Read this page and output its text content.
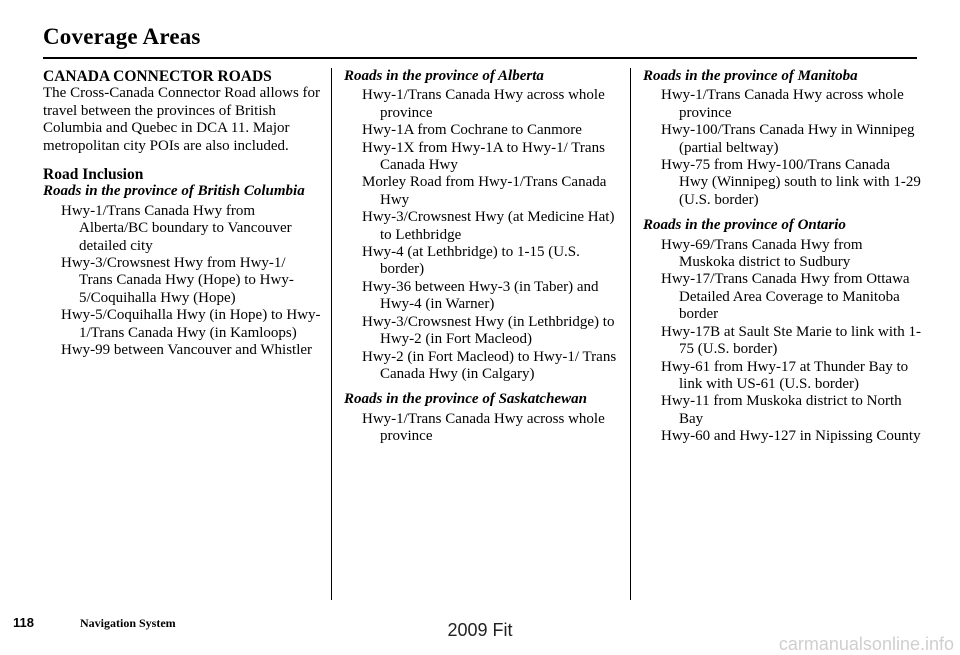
Coverage Areas

CANADA CONNECTOR ROADS

The Cross-Canada Connector Road allows for travel between the provinces of British Columbia and Quebec in DCA 11. Major metropolitan city POIs are also included.

Road Inclusion

Roads in the province of British Columbia

Hwy-1/Trans Canada Hwy from Alberta/BC boundary to Vancouver detailed city
Hwy-3/Crowsnest Hwy from Hwy-1/ Trans Canada Hwy (Hope) to Hwy-5/Coquihalla Hwy (Hope)
Hwy-5/Coquihalla Hwy (in Hope) to Hwy-1/Trans Canada Hwy (in Kamloops)
Hwy-99 between Vancouver and Whistler

Roads in the province of Alberta

Hwy-1/Trans Canada Hwy across whole province
Hwy-1A from Cochrane to Canmore
Hwy-1X from Hwy-1A to Hwy-1/ Trans Canada Hwy
Morley Road from Hwy-1/Trans Canada Hwy
Hwy-3/Crowsnest Hwy (at Medicine Hat) to Lethbridge
Hwy-4 (at Lethbridge) to 1-15 (U.S. border)
Hwy-36 between Hwy-3 (in Taber) and Hwy-4 (in Warner)
Hwy-3/Crowsnest Hwy (in Lethbridge) to Hwy-2 (in Fort Macleod)
Hwy-2 (in Fort Macleod) to Hwy-1/ Trans Canada Hwy (in Calgary)

Roads in the province of Saskatchewan

Hwy-1/Trans Canada Hwy across whole province

Roads in the province of Manitoba

Hwy-1/Trans Canada Hwy across whole province
Hwy-100/Trans Canada Hwy in Winnipeg (partial beltway)
Hwy-75 from Hwy-100/Trans Canada Hwy (Winnipeg) south to link with 1-29 (U.S. border)

Roads in the province of Ontario

Hwy-69/Trans Canada Hwy from Muskoka district to Sudbury
Hwy-17/Trans Canada Hwy from Ottawa Detailed Area Coverage to Manitoba border
Hwy-17B at Sault Ste Marie to link with 1-75 (U.S. border)
Hwy-61 from Hwy-17 at Thunder Bay to link with US-61 (U.S. border)
Hwy-11 from Muskoka district to North Bay
Hwy-60 and Hwy-127 in Nipissing County
118	Navigation System	2009 Fit
carmanualsonline.info
